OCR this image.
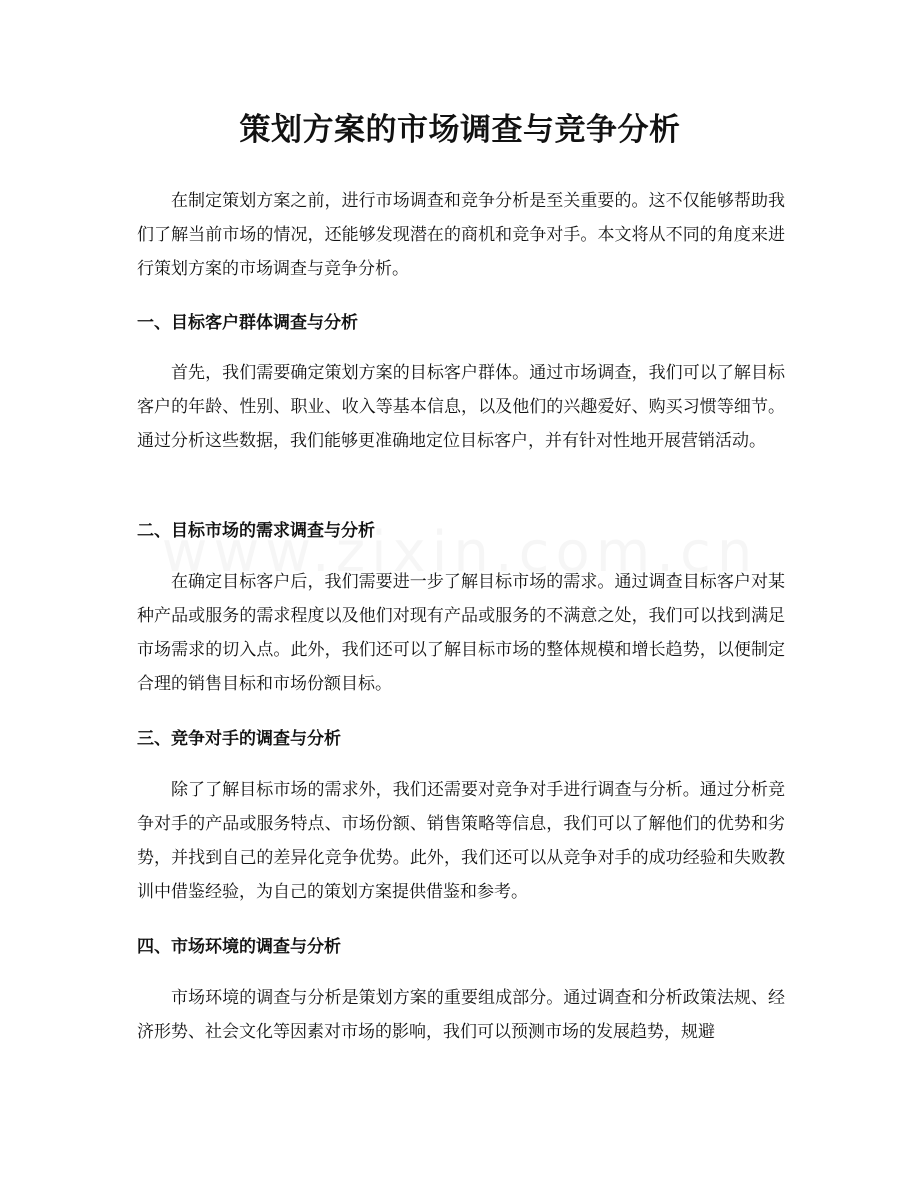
策划方案的市场调查与竞争分析

在制定策划方案之前，进行市场调查和竞争分析是至关重要的。这不仅能够帮助我们了解当前市场的情况，还能够发现潜在的商机和竞争对手。本文将从不同的角度来进行策划方案的市场调查与竞争分析。

一、目标客户群体调查与分析

首先，我们需要确定策划方案的目标客户群体。通过市场调查，我们可以了解目标客户的年龄、性别、职业、收入等基本信息，以及他们的兴趣爱好、购买习惯等细节。通过分析这些数据，我们能够更准确地定位目标客户，并有针对性地开展营销活动。

二、目标市场的需求调查与分析

在确定目标客户后，我们需要进一步了解目标市场的需求。通过调查目标客户对某种产品或服务的需求程度以及他们对现有产品或服务的不满意之处，我们可以找到满足市场需求的切入点。此外，我们还可以了解目标市场的整体规模和增长趋势，以便制定合理的销售目标和市场份额目标。

三、竞争对手的调查与分析

除了了解目标市场的需求外，我们还需要对竞争对手进行调查与分析。通过分析竞争对手的产品或服务特点、市场份额、销售策略等信息，我们可以了解他们的优势和劣势，并找到自己的差异化竞争优势。此外，我们还可以从竞争对手的成功经验和失败教训中借鉴经验，为自己的策划方案提供借鉴和参考。

四、市场环境的调查与分析

市场环境的调查与分析是策划方案的重要组成部分。通过调查和分析政策法规、经济形势、社会文化等因素对市场的影响，我们可以预测市场的发展趋势，规避
